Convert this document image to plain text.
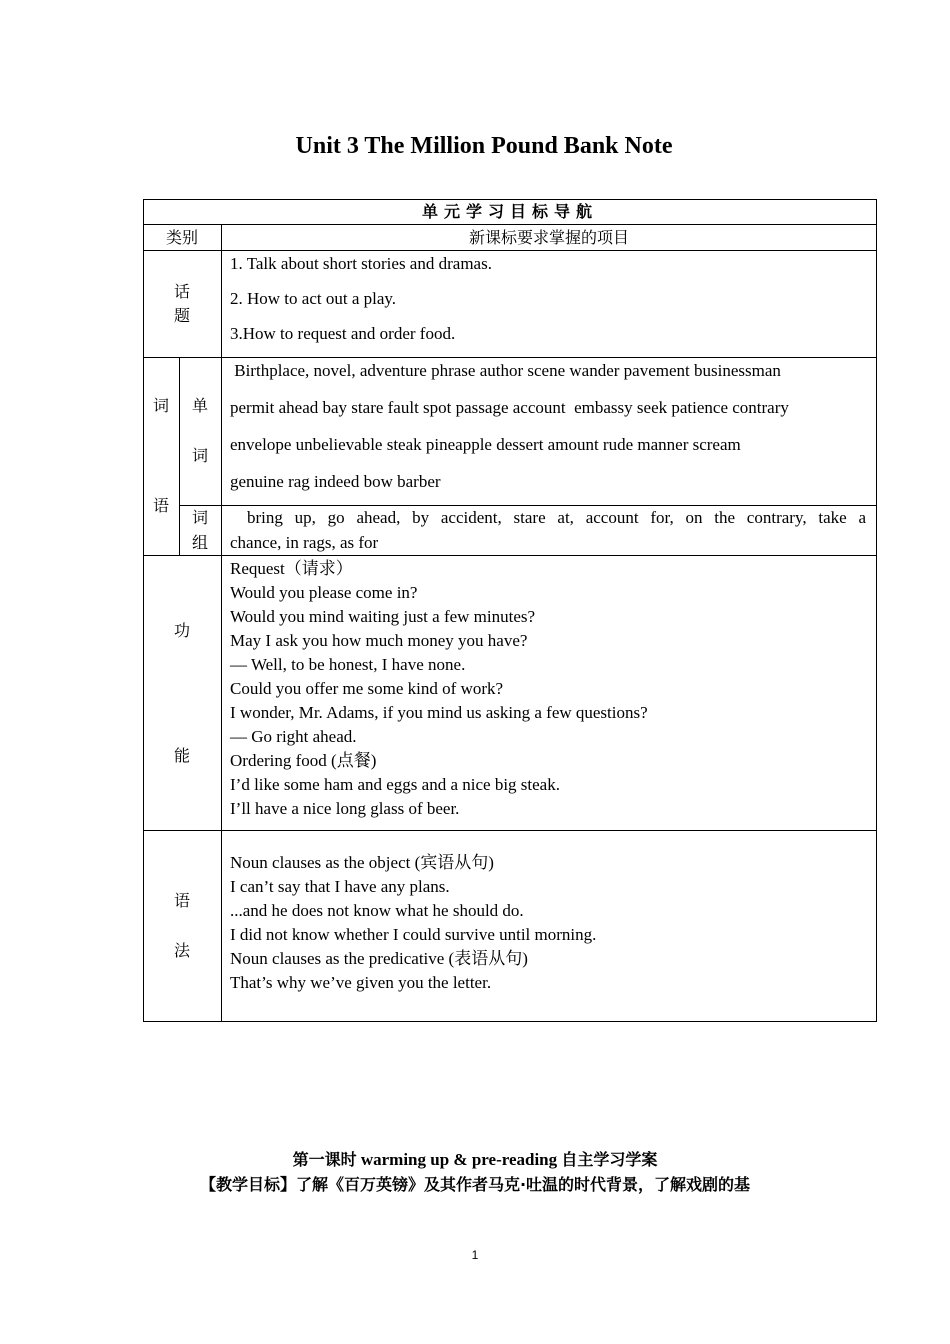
Unit 3 The Million Pound Bank Note
单元学习目标导航
类别	新课标要求掌握的项目
话
题
1. Talk about short stories and dramas.
2. How to act out a play.
3.How to request and order food.
词
语
单
词
Birthplace, novel, adventure phrase author scene wander pavement businessman
permit ahead bay stare fault spot passage account  embassy seek patience contrary
envelope unbelievable steak pineapple dessert amount rude manner scream
genuine rag indeed bow barber
词
组
bring up, go ahead, by accident, stare at, account for, on the contrary, take a
chance, in rags, as for
功
能
Request（请求）
Would you please come in?
Would you mind waiting just a few minutes?
May I ask you how much money you have?
— Well, to be honest, I have none.
Could you offer me some kind of work?
I wonder, Mr. Adams, if you mind us asking a few questions?
— Go right ahead.
Ordering food (点餐)
I’d like some ham and eggs and a nice big steak.
I’ll have a nice long glass of beer.
语
法
Noun clauses as the object (宾语从句)
I can’t say that I have any plans.
...and he does not know what he should do.
I did not know whether I could survive until morning.
Noun clauses as the predicative (表语从句)
That’s why we’ve given you the letter.
第一课时 warming up & pre-reading 自主学习学案
【教学目标】了解《百万英镑》及其作者马克·吐温的时代背景，了解戏剧的基
1
